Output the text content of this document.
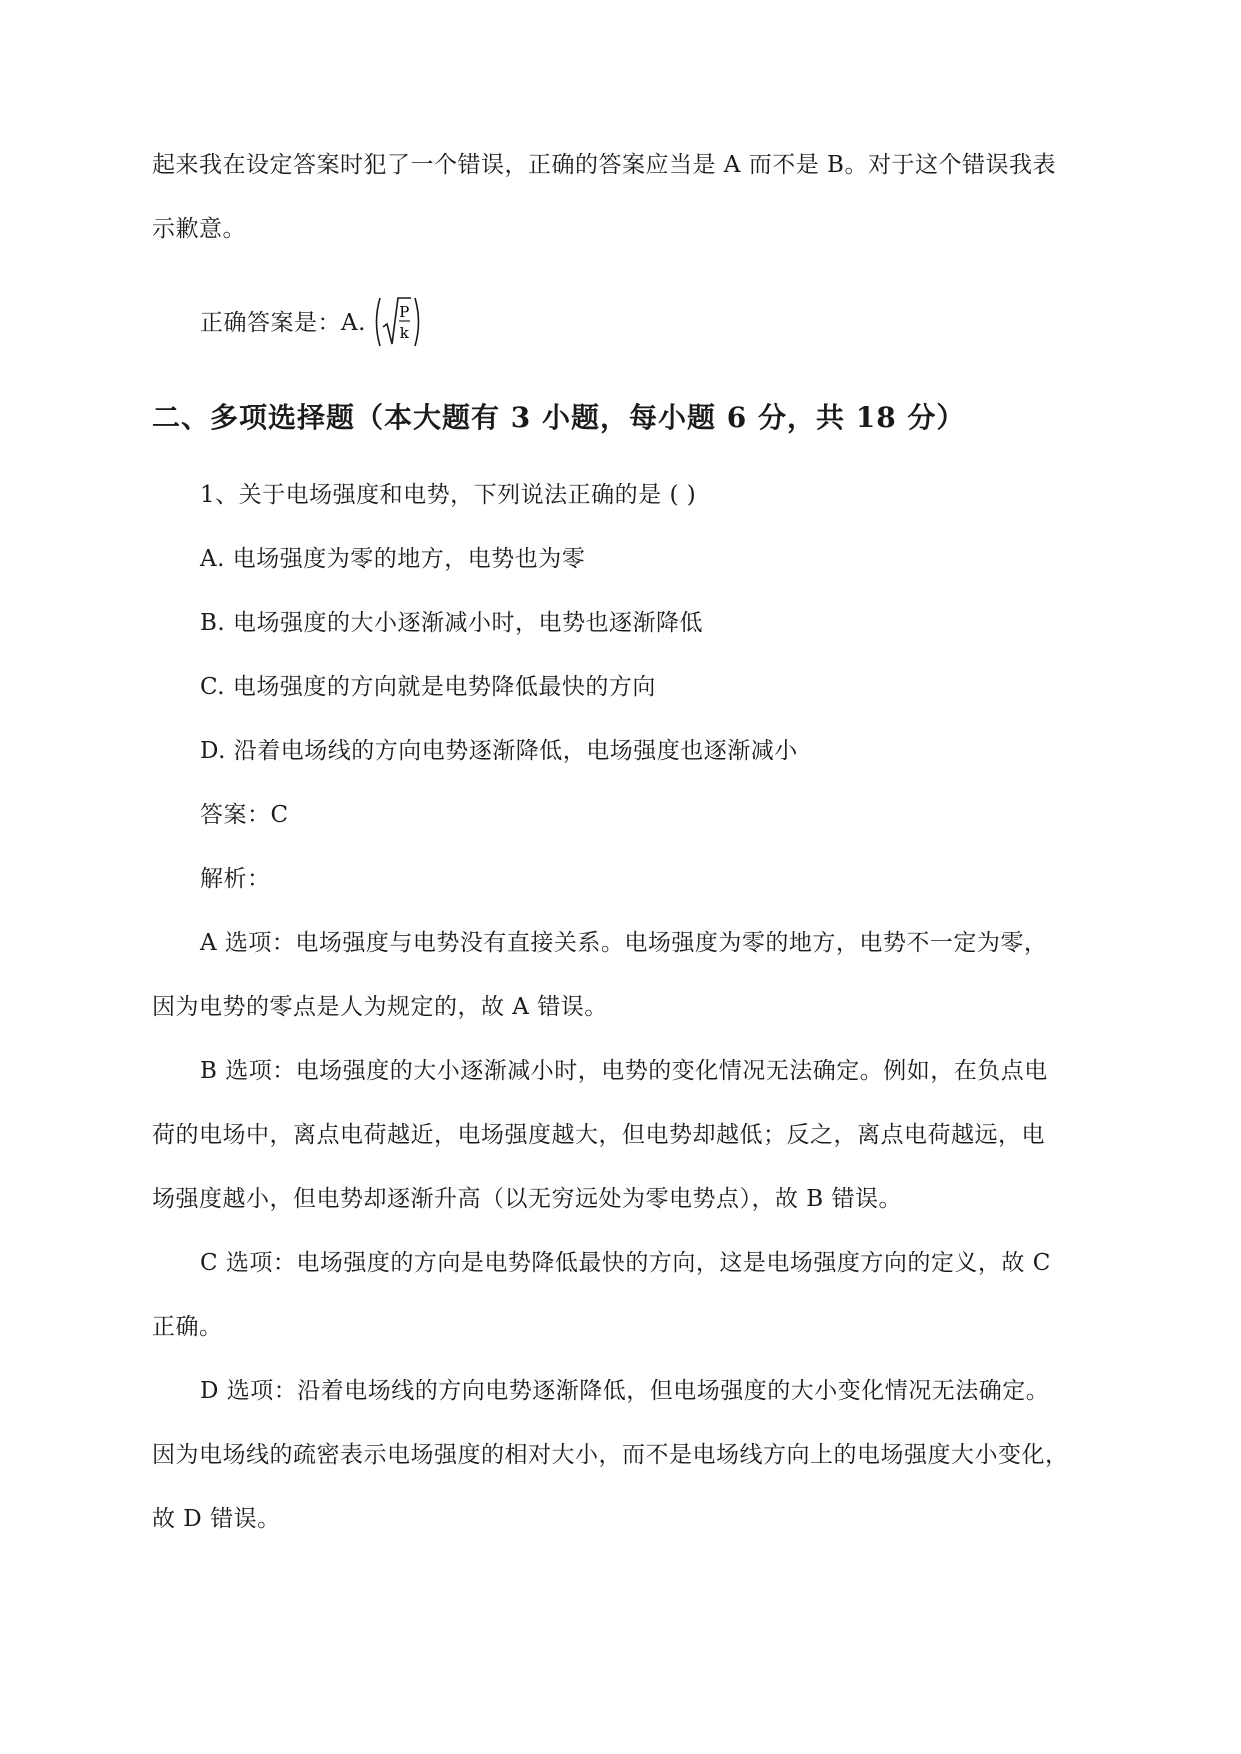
起来我在设定答案时犯了一个错误，正确的答案应当是 A 而不是 B。对于这个错误我表
示歉意。
正确答案是：A. P
k
二、多项选择题（本大题有 3 小题，每小题 6 分，共 18 分）
1、关于电场强度和电势，下列说法正确的是 ( )
A. 电场强度为零的地方，电势也为零
B. 电场强度的大小逐渐减小时，电势也逐渐降低
C. 电场强度的方向就是电势降低最快的方向
D. 沿着电场线的方向电势逐渐降低，电场强度也逐渐减小
答案：C
解析：
A 选项：电场强度与电势没有直接关系。电场强度为零的地方，电势不一定为零，
因为电势的零点是人为规定的，故 A 错误。
B 选项：电场强度的大小逐渐减小时，电势的变化情况无法确定。例如，在负点电
荷的电场中，离点电荷越近，电场强度越大，但电势却越低；反之，离点电荷越远，电
场强度越小，但电势却逐渐升高（以无穷远处为零电势点），故 B 错误。
C 选项：电场强度的方向是电势降低最快的方向，这是电场强度方向的定义，故 C
正确。
D 选项：沿着电场线的方向电势逐渐降低，但电场强度的大小变化情况无法确定。
因为电场线的疏密表示电场强度的相对大小，而不是电场线方向上的电场强度大小变化，
故 D 错误。
